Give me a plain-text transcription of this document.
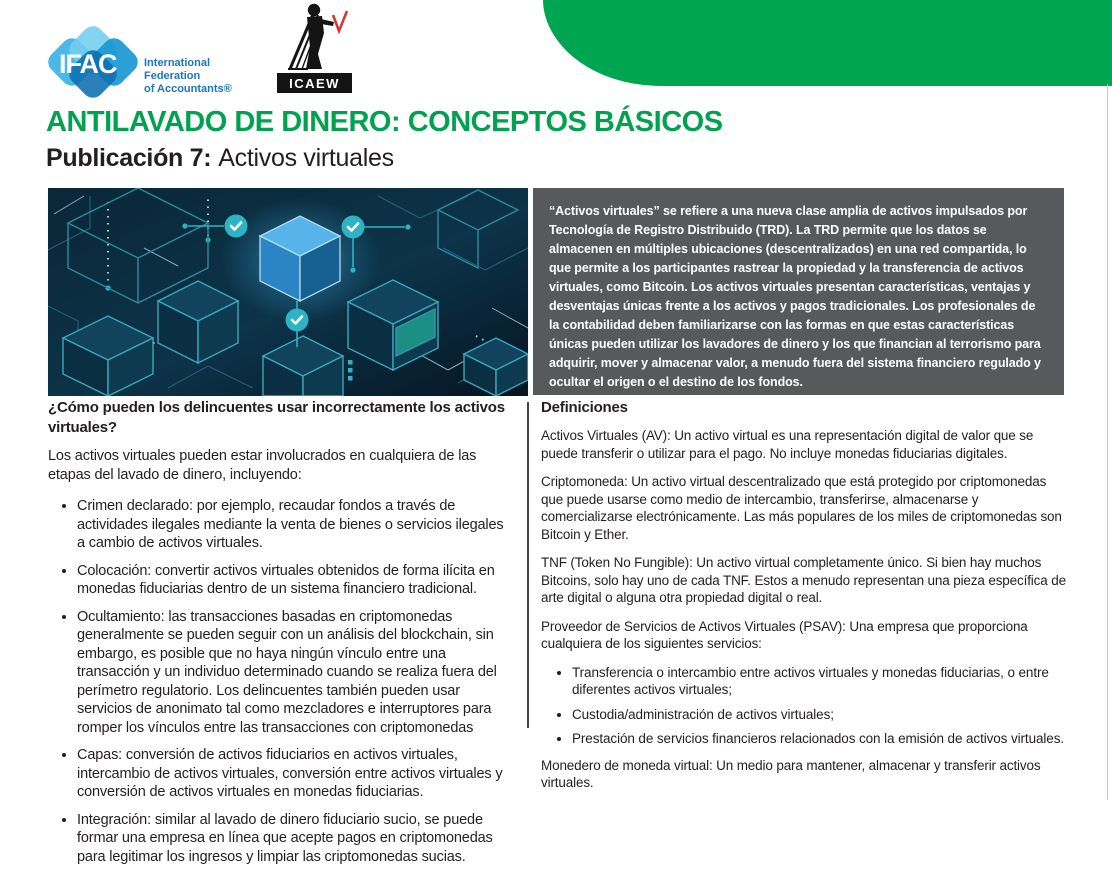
IFAC International
Federation
of Accountants®	ICAEW
ANTILAVADO DE DINERO: CONCEPTOS BÁSICOS
Publicación 7: Activos virtuales

“Activos virtuales” se refiere a una nueva clase amplia de activos impulsados por Tecnología de Registro Distribuido (TRD). La TRD permite que los datos se almacenen en múltiples ubicaciones (descentralizados) en una red compartida, lo que permite a los participantes rastrear la propiedad y la transferencia de activos virtuales, como Bitcoin. Los activos virtuales presentan características, ventajas y desventajas únicas frente a los activos y pagos tradicionales. Los profesionales de la contabilidad deben familiarizarse con las formas en que estas características únicas pueden utilizar los lavadores de dinero y los que financian al terrorismo para adquirir, mover y almacenar valor, a menudo fuera del sistema financiero regulado y ocultar el origen o el destino de los fondos.

¿Cómo pueden los delincuentes usar incorrectamente los activos virtuales?

Los activos virtuales pueden estar involucrados en cualquiera de las etapas del lavado de dinero, incluyendo:

• Crimen declarado: por ejemplo, recaudar fondos a través de actividades ilegales mediante la venta de bienes o servicios ilegales a cambio de activos virtuales.
• Colocación: convertir activos virtuales obtenidos de forma ilícita en monedas fiduciarias dentro de un sistema financiero tradicional.
• Ocultamiento: las transacciones basadas en criptomonedas generalmente se pueden seguir con un análisis del blockchain, sin embargo, es posible que no haya ningún vínculo entre una transacción y un individuo determinado cuando se realiza fuera del perímetro regulatorio. Los delincuentes también pueden usar servicios de anonimato tal como mezcladores e interruptores para romper los vínculos entre las transacciones con criptomonedas
• Capas: conversión de activos fiduciarios en activos virtuales, intercambio de activos virtuales, conversión entre activos virtuales y conversión de activos virtuales en monedas fiduciarias.
• Integración: similar al lavado de dinero fiduciario sucio, se puede formar una empresa en línea que acepte pagos en criptomonedas para legitimar los ingresos y limpiar las criptomonedas sucias.
Definiciones

Activos Virtuales (AV): Un activo virtual es una representación digital de valor que se puede transferir o utilizar para el pago. No incluye monedas fiduciarias digitales.

Criptomoneda: Un activo virtual descentralizado que está protegido por criptomonedas que puede usarse como medio de intercambio, transferirse, almacenarse y comercializarse electrónicamente. Las más populares de los miles de criptomonedas son Bitcoin y Ether.

TNF (Token No Fungible): Un activo virtual completamente único. Si bien hay muchos Bitcoins, solo hay uno de cada TNF. Estos a menudo representan una pieza específica de arte digital o alguna otra propiedad digital o real.

Proveedor de Servicios de Activos Virtuales (PSAV): Una empresa que proporciona cualquiera de los siguientes servicios:

• Transferencia o intercambio entre activos virtuales y monedas fiduciarias, o entre diferentes activos virtuales;
• Custodia/administración de activos virtuales;
• Prestación de servicios financieros relacionados con la emisión de activos virtuales.

Monedero de moneda virtual: Un medio para mantener, almacenar y transferir activos virtuales.
